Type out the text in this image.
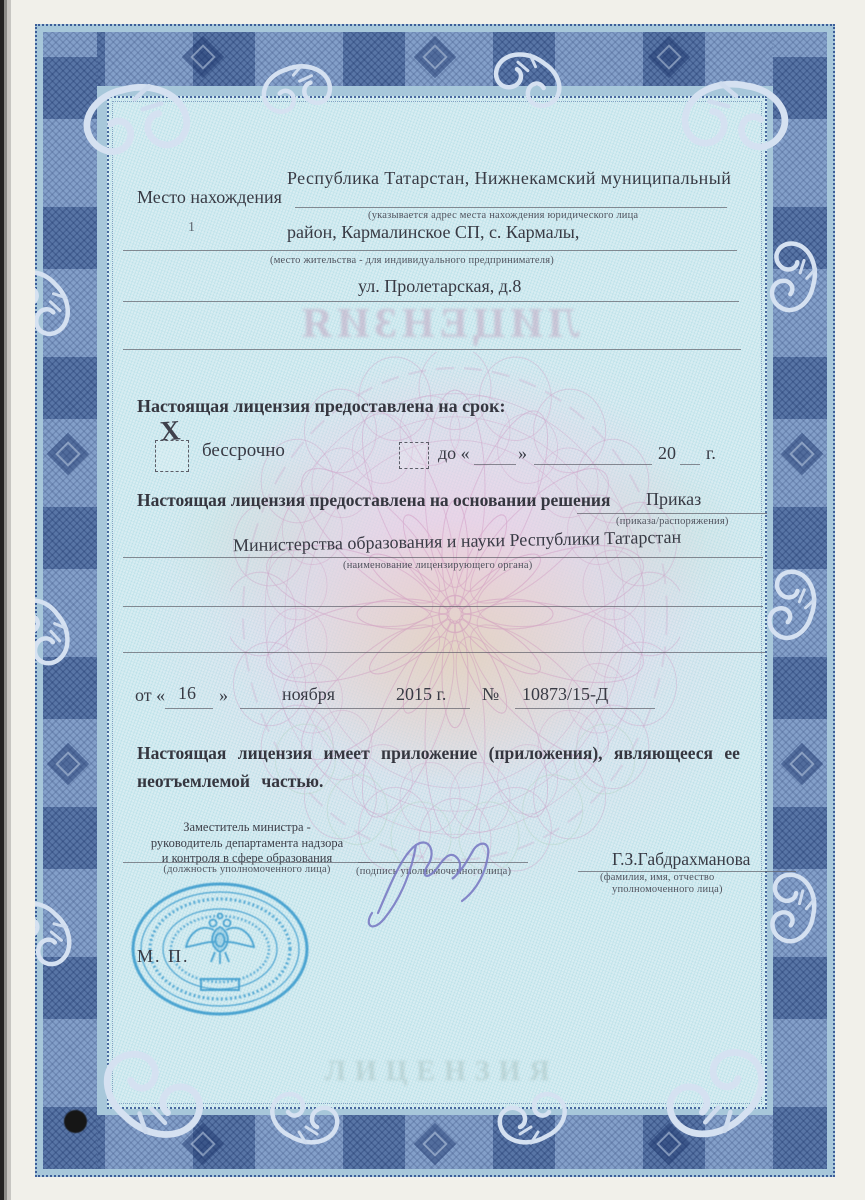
ЛИЦЕНЗИЯ
ЛИЦЕНЗИЯ
Республика Татарстан, Нижнекамский муниципальный
Место нахождения
(указывается адрес места нахождения юридического лица
1	район, Кармалинское СП, с. Кармалы,
(место жительства - для индивидуального предпринимателя)
ул. Пролетарская, д.8
Настоящая лицензия предоставлена на срок:
X
бессрочно	до «	»	20 г.
Настоящая лицензия предоставлена на основании решения Приказ
(приказа/распоряжения)
Министерства образования и науки Республики Татарстан
(наименование лицензирующего органа)
от « 16 »	ноября	2015 г. № 10873/15-Д
Настоящая лицензия имеет приложение (приложения), являющееся ее
неотъемлемой частью.
Заместитель министра -
руководитель департамента надзора
и контроля в сфере образования
(должность уполномоченного лица)	(подпись уполномоченного лица)
Г.З.Габдрахманова
(фамилия, имя, отчество
уполномоченного лица)
М. П.
